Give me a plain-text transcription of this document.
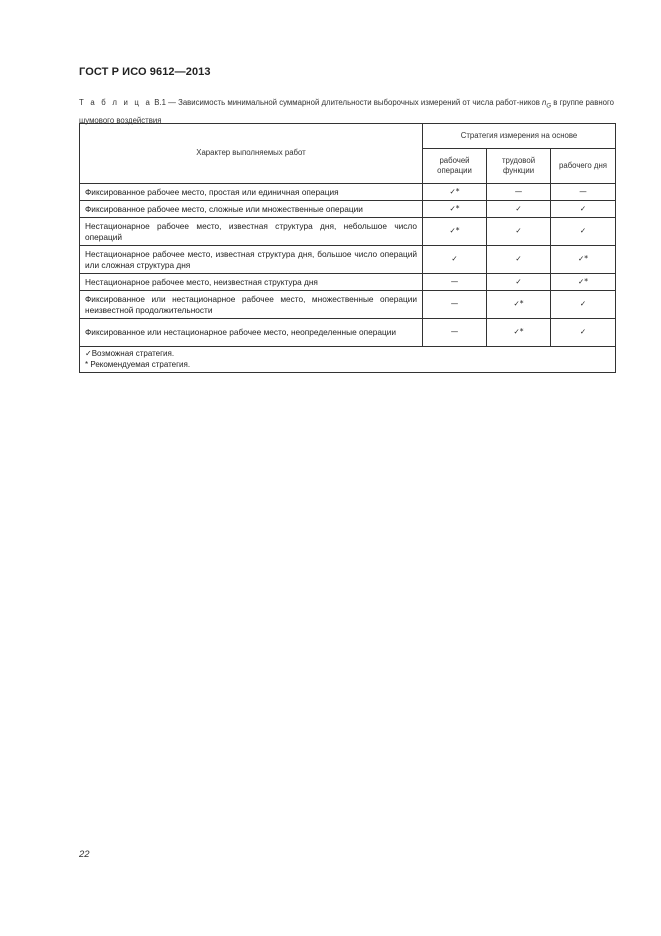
ГОСТ Р ИСО 9612—2013
Т а б л и ц а В.1 — Зависимость минимальной суммарной длительности выборочных измерений от числа работ-ников $n_G$ в группе равного шумового воздействия
Характер выполняемых работ	Стратегия измерения на основе		
	рабочей операции	трудовой функции	рабочего дня
Фиксированное рабочее место, простая или единичная операция	✓*	—	—
Фиксированное рабочее место, сложные или множественные операции	✓*	✓	✓
Нестационарное рабочее место, известная структура дня, небольшое число операций	✓*	✓	✓
Нестационарное рабочее место, известная структура дня, большое число операций или сложная структура дня	✓	✓	✓*
Нестационарное рабочее место, неизвестная структура дня	—	✓	✓*
Фиксированное или нестационарное рабочее место, множественные операции неизвестной продолжительности	—	✓*	✓
Фиксированное или нестационарное рабочее место, неопределенные операции	—	✓*	✓

✓Возможная стратегия.
* Рекомендуемая стратегия.			
22
